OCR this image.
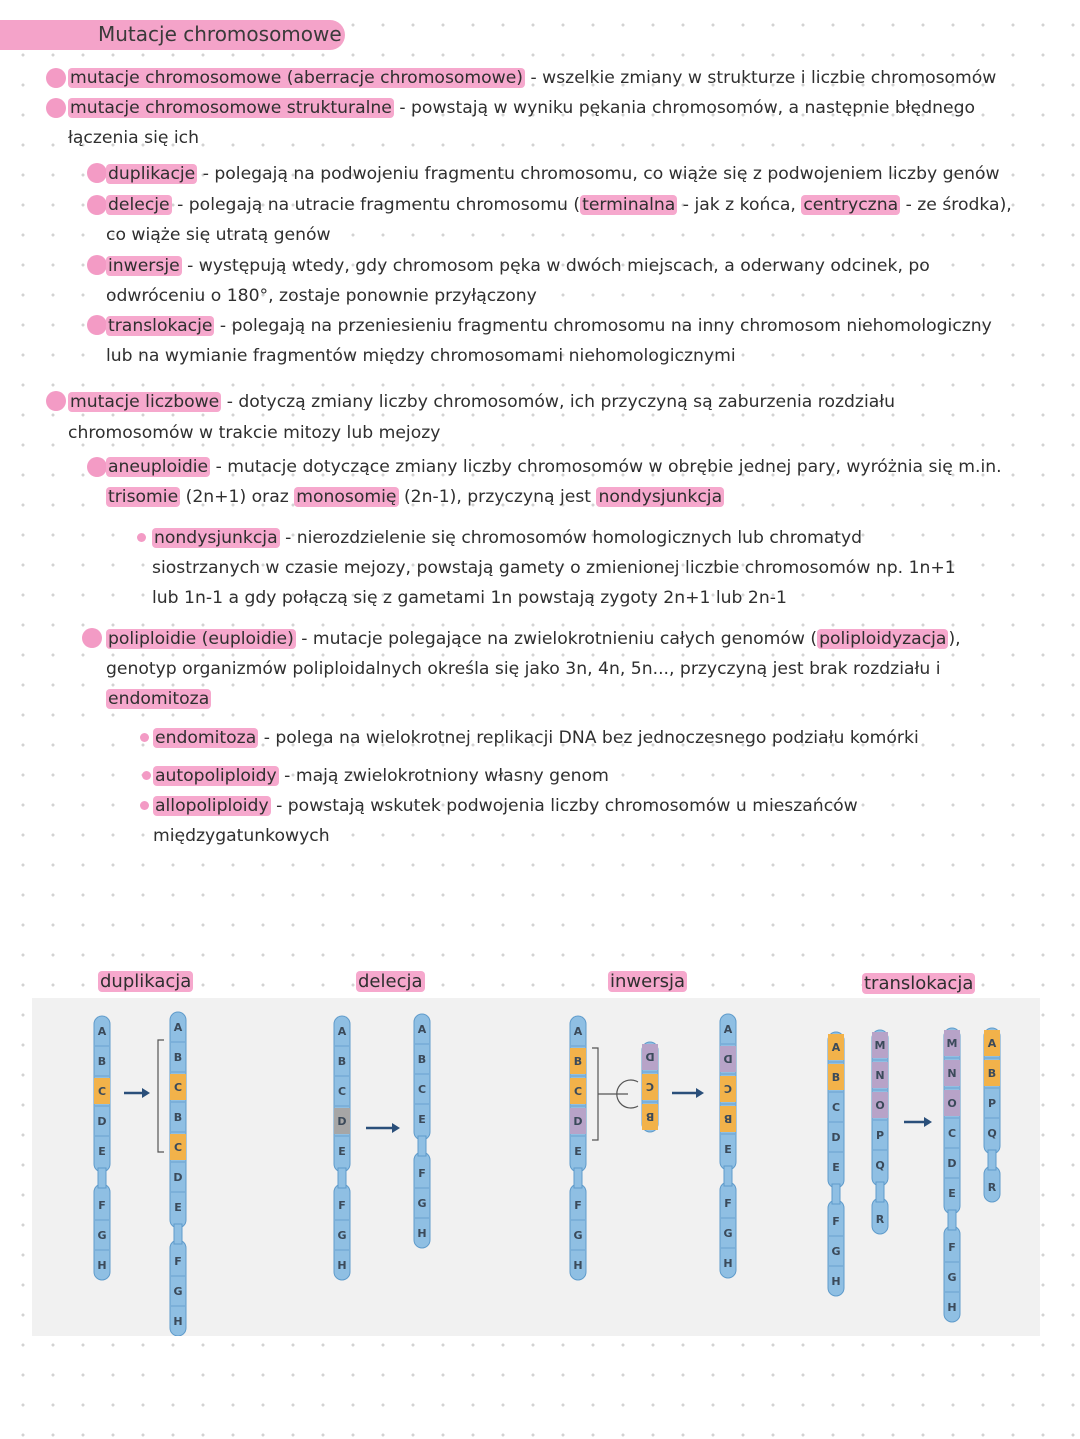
Mutacje chromosomowe
mutacje chromosomowe (aberracje chromosomowe) - wszelkie zmiany w strukturze i liczbie chromosomów
mutacje chromosomowe strukturalne - powstają w wyniku pękania chromosomów, a następnie błędnego
łączenia się ich
duplikacje - polegają na podwojeniu fragmentu chromosomu, co wiąże się z podwojeniem liczby genów
delecje - polegają na utracie fragmentu chromosomu ( terminalna - jak z końca, centryczna - ze środka),
co wiąże się utratą genów
inwersje - występują wtedy, gdy chromosom pęka w dwóch miejscach, a oderwany odcinek, po
odwróceniu o 180°, zostaje ponownie przyłączony
translokacje - polegają na przeniesieniu fragmentu chromosomu na inny chromosom niehomologiczny
lub na wymianie fragmentów między chromosomami niehomologicznymi
mutacje liczbowe - dotyczą zmiany liczby chromosomów, ich przyczyną są zaburzenia rozdziału
chromosomów w trakcie mitozy lub mejozy
aneuploidie - mutacje dotyczące zmiany liczby chromosomów w obrębie jednej pary, wyróżnia się m.in.
trisomie (2n+1) oraz monosomię (2n-1), przyczyną jest nondysjunkcja
nondysjunkcja - nierozdzielenie się chromosomów homologicznych lub chromatyd
siostrzanych w czasie mejozy, powstają gamety o zmienionej liczbie chromosomów np. 1n+1
lub 1n-1 a gdy połączą się z gametami 1n powstają zygoty 2n+1 lub 2n-1
poliploidie (euploidie) - mutacje polegające na zwielokrotnieniu całych genomów ( poliploidyzacja ),
genotyp organizmów poliploidalnych określa się jako 3n, 4n, 5n..., przyczyną jest brak rozdziału i
endomitoza
endomitoza - polega na wielokrotnej replikacji DNA bez jednoczesnego podziału komórki
autopoliploidy - mają zwielokrotniony własny genom
allopoliploidy - powstają wskutek podwojenia liczby chromosomów u mieszańców
międzygatunkowych
duplikacja	delecja	inwersja	translokacja
A
B
C
D
E
F
G
H
A
B
C
B
C
D
E
F
G
H
A
B
C
D
E
F
G
H
A
B
C
E
F
G
H
A
B
C
D
E
F
G
H
D
C
B
A
D
C
B
E
F
G
H
A
B
C
D
E
F
G
H
M
N
O
P
Q
R
M
N
O
C
D
E
F
G
H
A
B
P
Q
R
